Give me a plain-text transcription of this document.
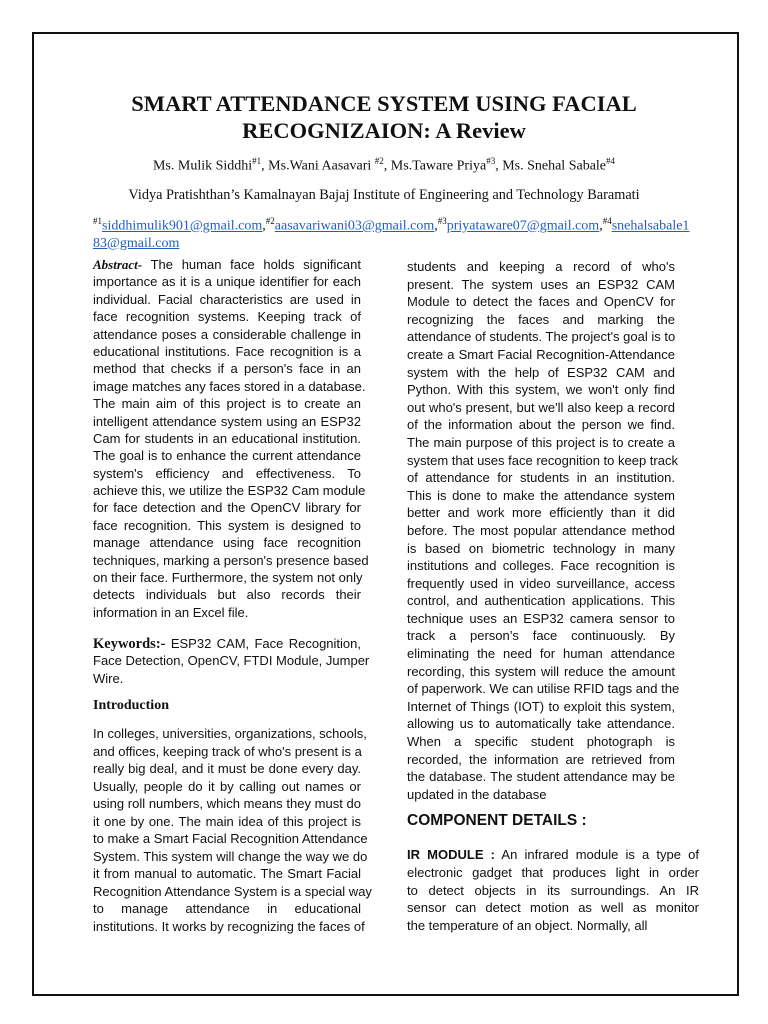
SMART ATTENDANCE SYSTEM USING FACIAL
RECOGNIZAION: A Review
Ms. Mulik Siddhi$^{\#1}$, Ms.Wani Aasavari $^{\#2}$, Ms.Taware Priya$^{\#3}$, Ms. Snehal Sabale$^{\#4}$
Vidya Pratishthan’s Kamalnayan Bajaj Institute of Engineering and Technology Baramati
$^{\#1}$siddhimulik901@gmail.com,$^{\#2}$aasavariwani03@gmail.com,$^{\#3}$priyataware07@gmail.com,$^{\#4}$snehalsabale183@gmail.com
Abstract- The human face holds significant
importance as it is a unique identifier for each
individual. Facial characteristics are used in
face recognition systems. Keeping track of
attendance poses a considerable challenge in
educational institutions. Face recognition is a
method that checks if a person's face in an
image matches any faces stored in a database.
The main aim of this project is to create an
intelligent attendance system using an ESP32
Cam for students in an educational institution.
The goal is to enhance the current attendance
system's efficiency and effectiveness. To
achieve this, we utilize the ESP32 Cam module
for face detection and the OpenCV library for
face recognition. This system is designed to
manage attendance using face recognition
techniques, marking a person's presence based
on their face. Furthermore, the system not only
detects individuals but also records their
information in an Excel file.
Keywords:- ESP32 CAM, Face Recognition,
Face Detection, OpenCV, FTDI Module, Jumper
Wire.
Introduction
In colleges, universities, organizations, schools,
and offices, keeping track of who's present is a
really big deal, and it must be done every day.
Usually, people do it by calling out names or
using roll numbers, which means they must do
it one by one. The main idea of this project is
to make a Smart Facial Recognition Attendance
System. This system will change the way we do
it from manual to automatic. The Smart Facial
Recognition Attendance System is a special way
to manage attendance in educational
institutions. It works by recognizing the faces of
students and keeping a record of who's
present. The system uses an ESP32 CAM
Module to detect the faces and OpenCV for
recognizing the faces and marking the
attendance of students. The project's goal is to
create a Smart Facial Recognition-Attendance
system with the help of ESP32 CAM and
Python. With this system, we won't only find
out who's present, but we'll also keep a record
of the information about the person we find.
The main purpose of this project is to create a
system that uses face recognition to keep track
of attendance for students in an institution.
This is done to make the attendance system
better and work more efficiently than it did
before. The most popular attendance method
is based on biometric technology in many
institutions and colleges. Face recognition is
frequently used in video surveillance, access
control, and authentication applications. This
technique uses an ESP32 camera sensor to
track a person’s face continuously. By
eliminating the need for human attendance
recording, this system will reduce the amount
of paperwork. We can utilise RFID tags and the
Internet of Things (IOT) to exploit this system,
allowing us to automatically take attendance.
When a specific student photograph is
recorded, the information are retrieved from
the database. The student attendance may be
updated in the database
COMPONENT DETAILS :
IR MODULE : An infrared module is a type of
electronic gadget that produces light in order
to detect objects in its surroundings. An IR
sensor can detect motion as well as monitor
the temperature of an object. Normally, all
